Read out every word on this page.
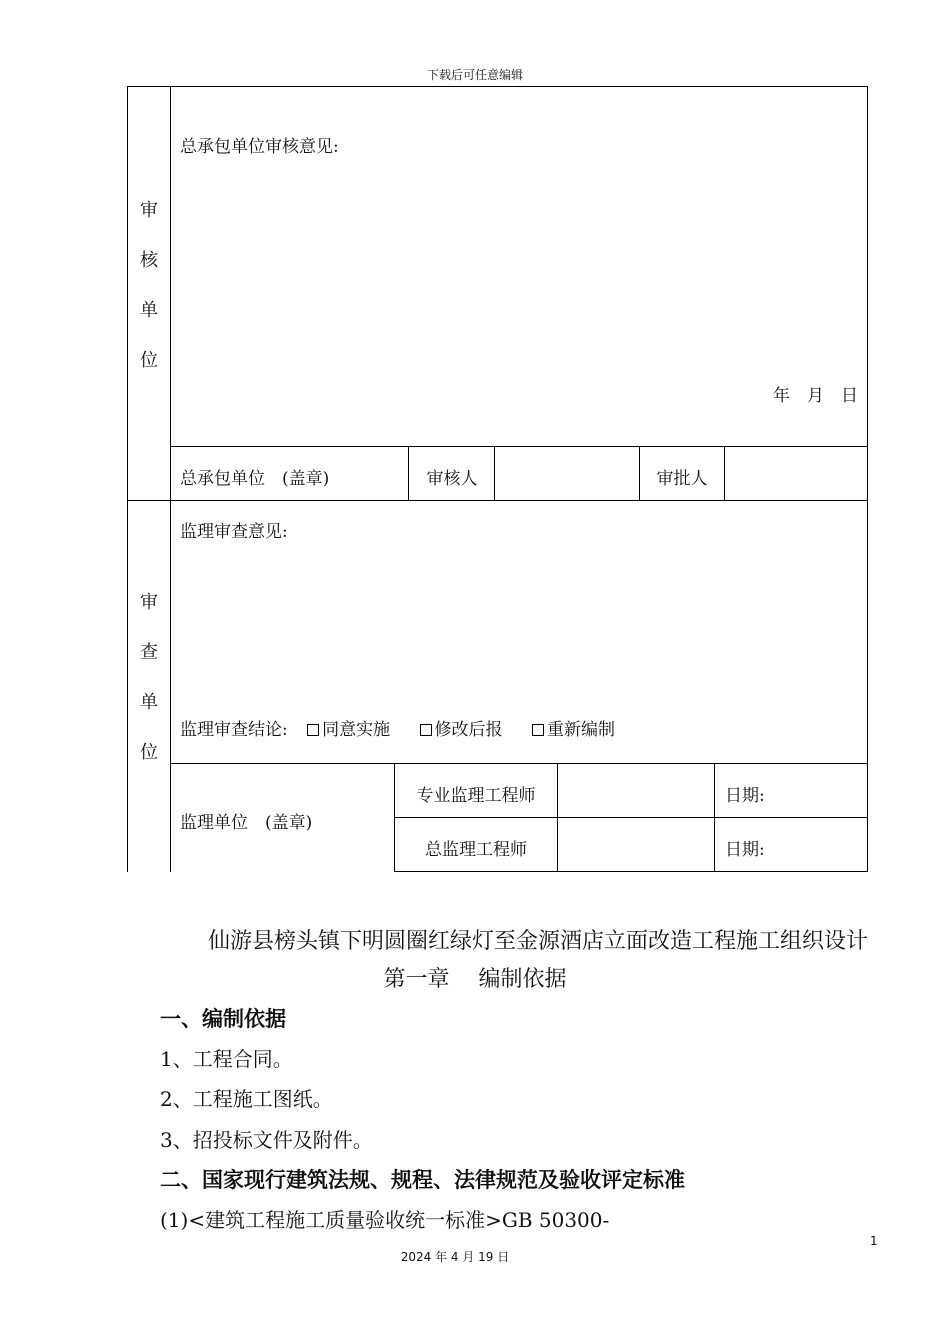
下载后可任意编辑
审
核
单
位
总承包单位审核意见:
年　月　日
总承包单位　(盖章)	审核人	审批人
审
查
单
位
监理审查意见:
监理审查结论: 同意实施	修改后报	重新编制
监理单位　(盖章)
专业监理工程师	日期:
总监理工程师	日期:
仙游县榜头镇下明圆圈红绿灯至金源酒店立面改造工程施工组织设计
第一章　 编制依据
一、编制依据
1、工程合同。
2、工程施工图纸。
3、招投标文件及附件。
二、国家现行建筑法规、规程、法律规范及验收评定标准
(1)<建筑工程施工质量验收统一标准>GB 50300-
1
2024 年 4 月 19 日
